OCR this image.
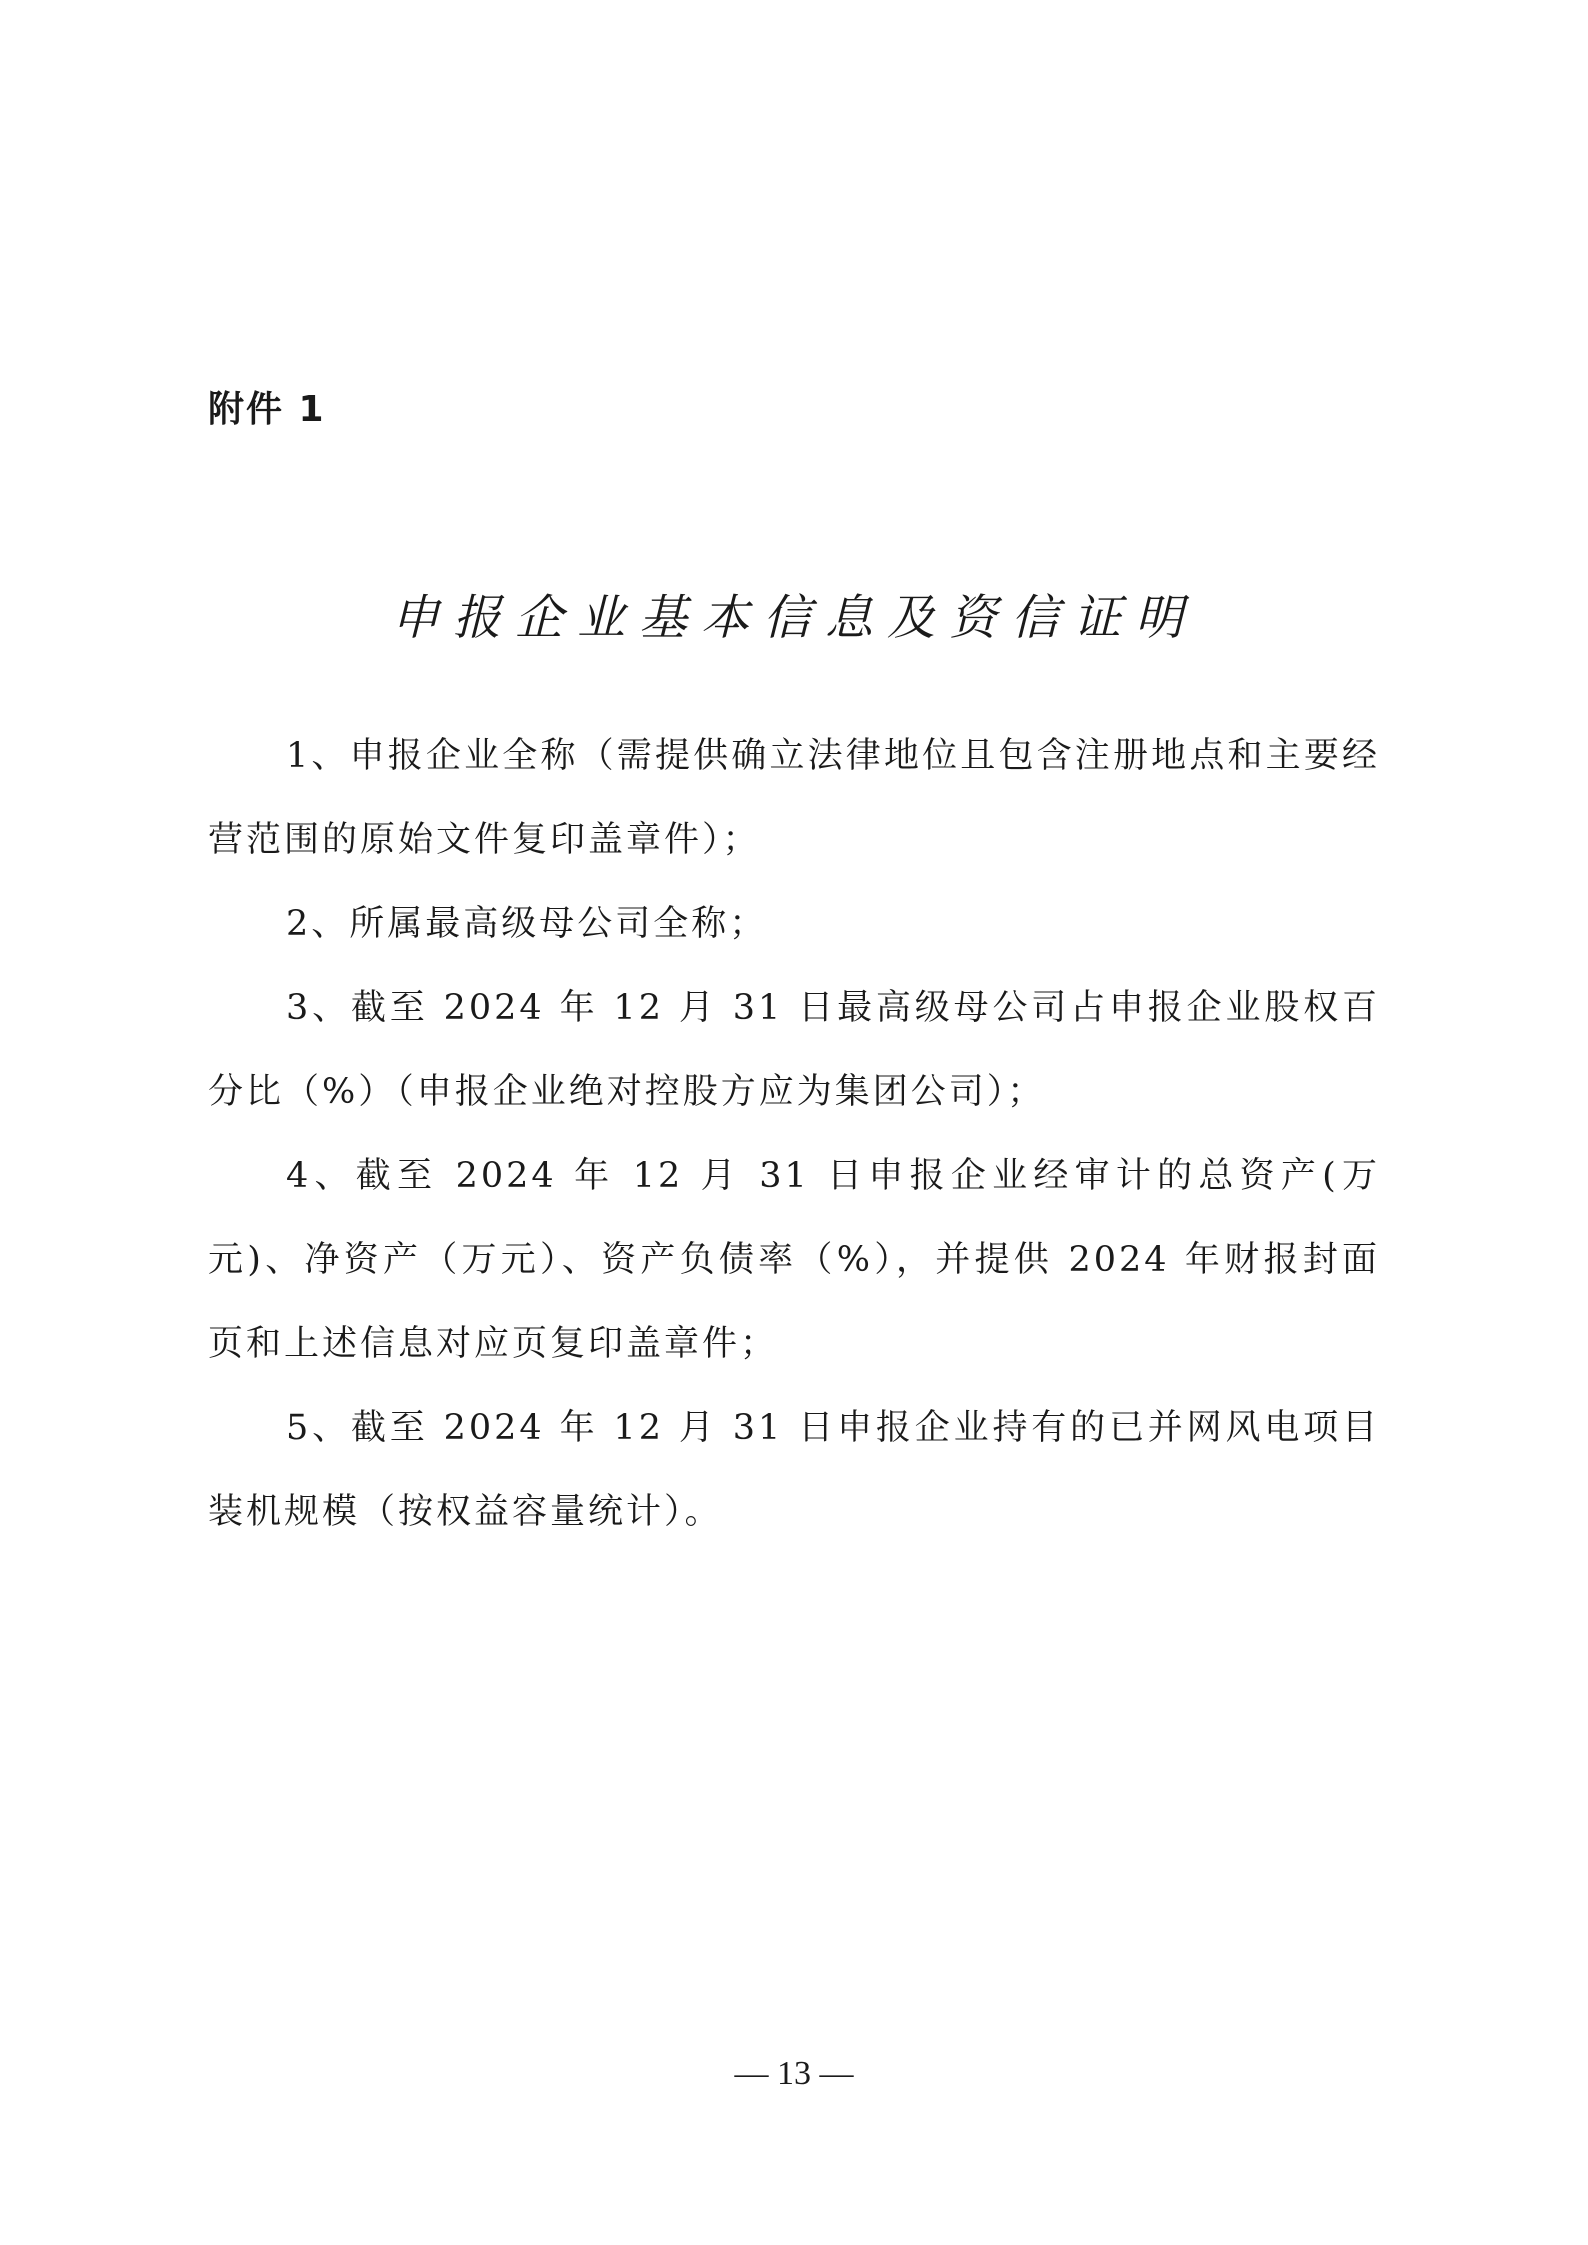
附件 1
申报企业基本信息及资信证明

1、申报企业全称（需提供确立法律地位且包含注册地点和主要经营范围的原始文件复印盖章件）；

2、所属最高级母公司全称；

3、截至 2024 年 12 月 31 日最高级母公司占申报企业股权百分比（%）（申报企业绝对控股方应为集团公司）；

4、截至 2024 年 12 月 31 日申报企业经审计的总资产(万元)、净资产（万元）、资产负债率（%），并提供 2024 年财报封面页和上述信息对应页复印盖章件；

5、截至 2024 年 12 月 31 日申报企业持有的已并网风电项目装机规模（按权益容量统计）。

— 13 —
